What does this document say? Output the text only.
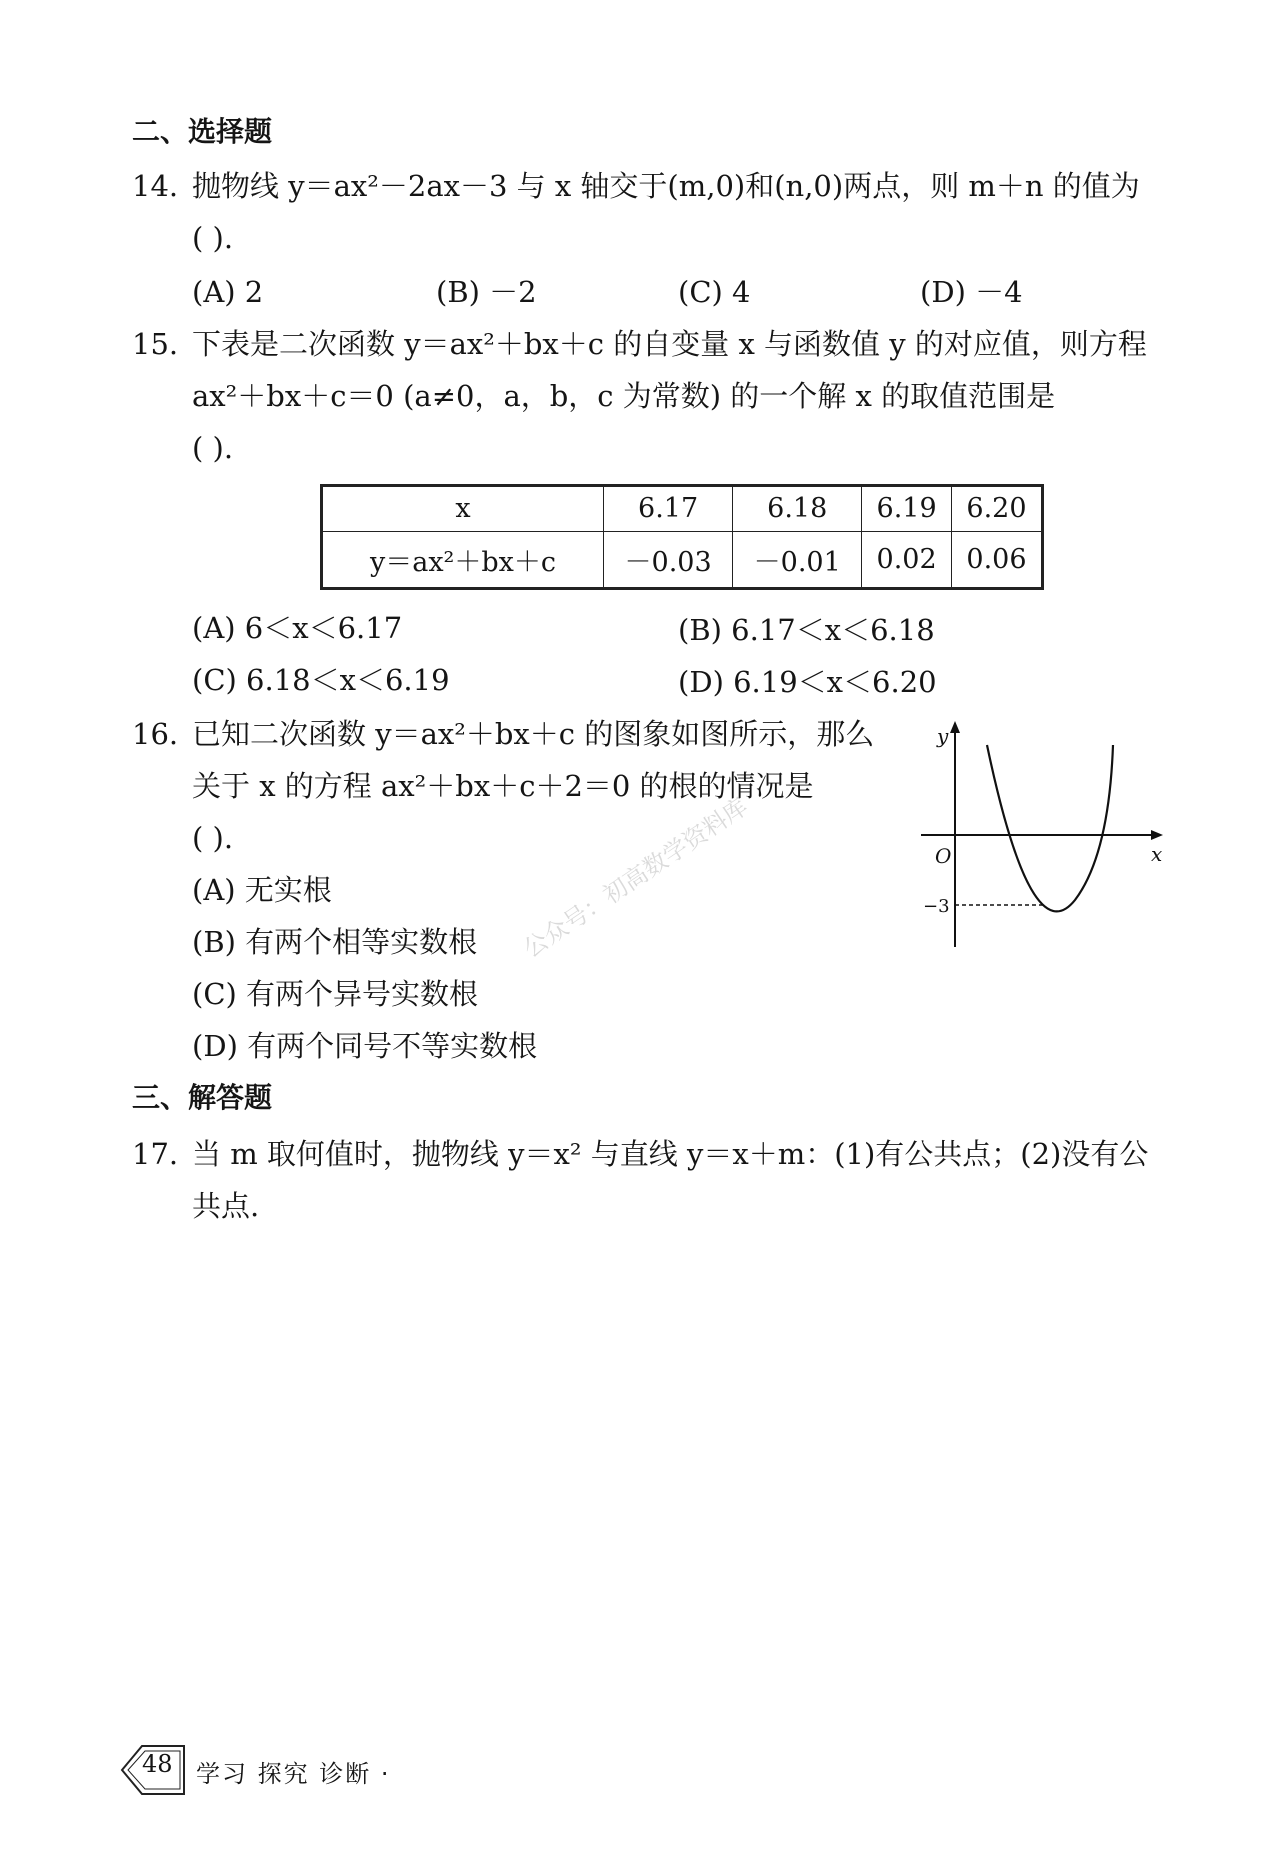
二、选择题
14. 抛物线 y＝ax²－2ax－3 与 x 轴交于(m,0)和(n,0)两点，则 m＋n 的值为
( ).
(A) 2	(B) －2	(C) 4	(D) －4
15. 下表是二次函数 y＝ax²＋bx＋c 的自变量 x 与函数值 y 的对应值，则方程
ax²＋bx＋c＝0 (a≠0，a，b，c 为常数) 的一个解 x 的取值范围是
( ).
x	6.17	6.18	6.19	6.20
y＝ax²＋bx＋c	－0.03	－0.01	0.02	0.06
(A) 6＜x＜6.17	(B) 6.17＜x＜6.18
(C) 6.18＜x＜6.19	(D) 6.19＜x＜6.20
16. 已知二次函数 y＝ax²＋bx＋c 的图象如图所示，那么
关于 x 的方程 ax²＋bx＋c＋2＝0 的根的情况是
( ).
(A) 无实根
(B) 有两个相等实数根
(C) 有两个异号实数根
(D) 有两个同号不等实数根
y
x
O
−3
公众号：初高数学资料库
三、解答题
17. 当 m 取何值时，抛物线 y＝x² 与直线 y＝x＋m：(1)有公共点；(2)没有公
共点.
48 学习 探究 诊断 ·
